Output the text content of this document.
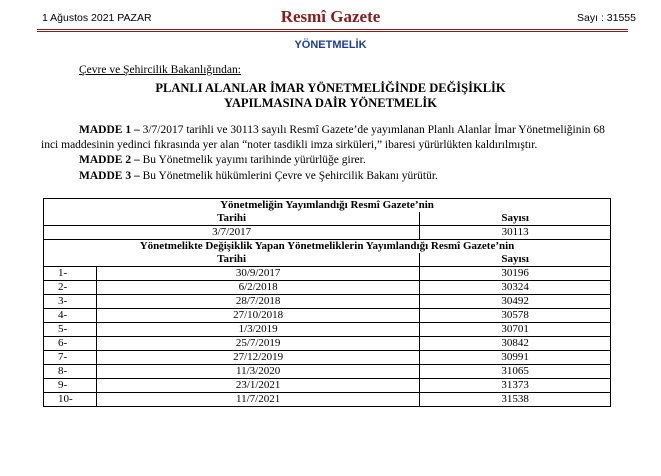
1 Ağustos 2021 PAZAR	Resmî Gazete	Sayı : 31555
YÖNETMELİK
Çevre ve Şehircilik Bakanlığından:
PLANLI ALANLAR İMAR YÖNETMELİĞİNDE DEĞİŞİKLİK
YAPILMASINA DAİR YÖNETMELİK
MADDE 1 – 3/7/2017 tarihli ve 30113 sayılı Resmî Gazete’de yayımlanan Planlı Alanlar İmar Yönetmeliğinin 68 inci maddesinin yedinci fıkrasında yer alan “noter tasdikli imza sirküleri,” ibaresi yürürlükten kaldırılmıştır.
MADDE 2 – Bu Yönetmelik yayımı tarihinde yürürlüğe girer.
MADDE 3 – Bu Yönetmelik hükümlerini Çevre ve Şehircilik Bakanı yürütür.
Yönetmeliğin Yayımlandığı Resmî Gazete’nin		
Tarihi		Sayısı
3/7/2017		30113
Yönetmelikte Değişiklik Yapan Yönetmeliklerin Yayımlandığı Resmî Gazete’nin		
Tarihi		Sayısı
1-	30/9/2017	30196
2-	6/2/2018	30324
3-	28/7/2018	30492
4-	27/10/2018	30578
5-	1/3/2019	30701
6-	25/7/2019	30842
7-	27/12/2019	30991
8-	11/3/2020	31065
9-	23/1/2021	31373
10-	11/7/2021	31538
